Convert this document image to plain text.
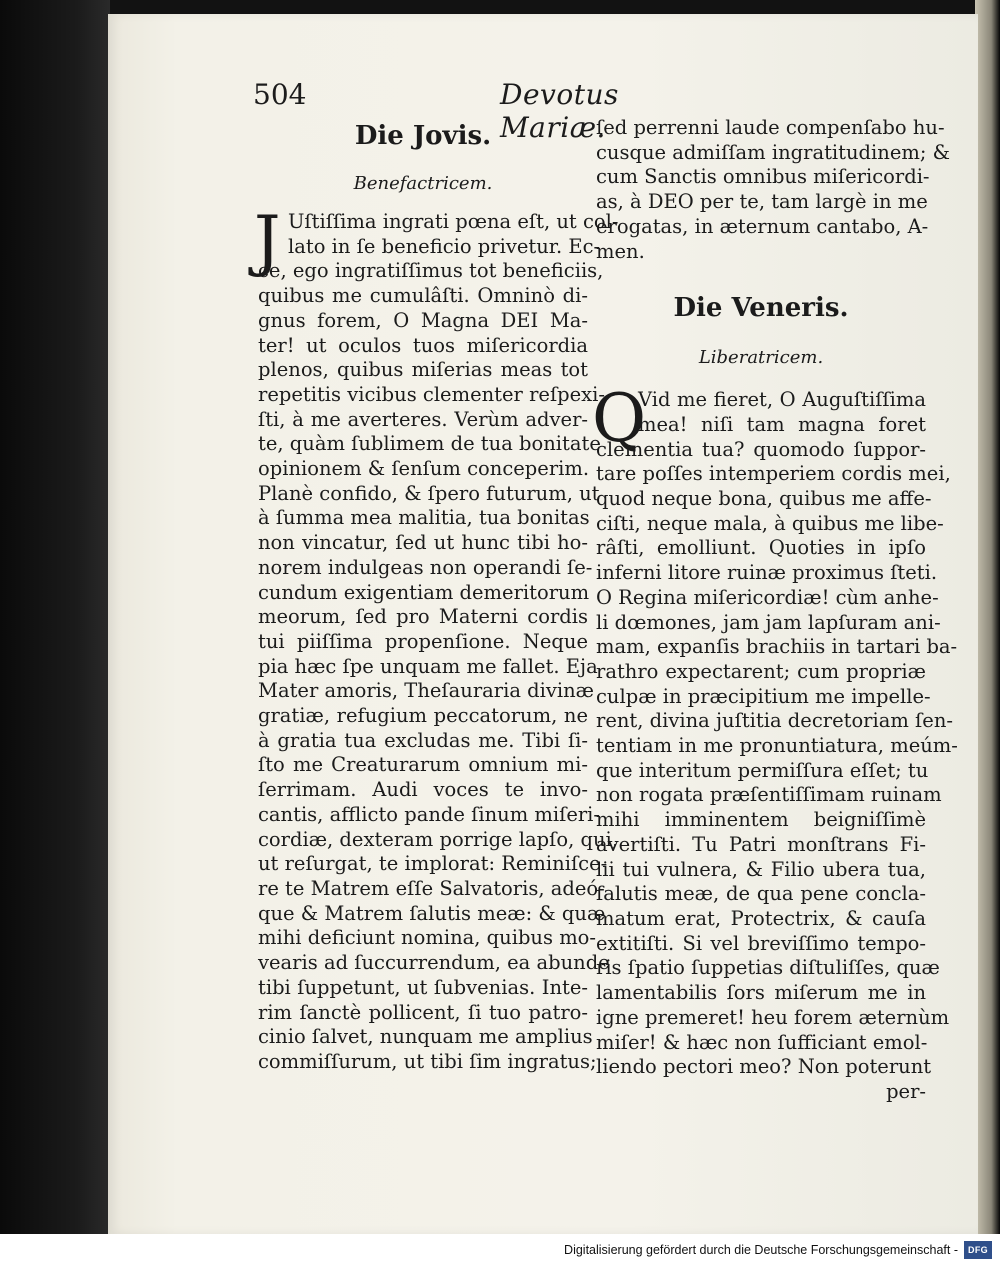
504	Devotus Mariæ.
Die Jovis.

Benefactricem.

J Uſtiſſima ingrati pœna eſt, ut col-
lato in ſe beneficio privetur. Ec-
ce, ego ingratiſſimus tot beneficiis,
quibus me cumulâſti. Omninò di-
gnus forem, O Magna DEI Ma-
ter! ut oculos tuos miſericordia
plenos, quibus miſerias meas tot
repetitis vicibus clementer reſpexi-
ſti, à me averteres. Verùm adver-
te, quàm ſublimem de tua bonitate
opinionem & ſenſum conceperim.
Planè confido, & ſpero futurum, ut
à ſumma mea malitia, tua bonitas
non vincatur, ſed ut hunc tibi ho-
norem indulgeas non operandi ſe-
cundum exigentiam demeritorum
meorum, ſed pro Materni cordis
tui piiſſima propenſione. Neque
pia hæc ſpe unquam me fallet. Eja
Mater amoris, Theſauraria divinæ
gratiæ, refugium peccatorum, ne
à gratia tua excludas me. Tibi ſi-
ſto me Creaturarum omnium mi-
ſerrimam. Audi voces te invo-
cantis, afflicto pande ſinum miſeri-
cordiæ, dexteram porrige lapſo, qui,
ut reſurgat, te implorat: Reminiſce-
re te Matrem eſſe Salvatoris, adeó-
que & Matrem ſalutis meæ: & quæ
mihi deficiunt nomina, quibus mo-
vearis ad ſuccurrendum, ea abunde
tibi ſuppetunt, ut ſubvenias. Inte-
rim ſanctè pollicent, ſi tuo patro-
cinio ſalvet, nunquam me amplius
commiſſurum, ut tibi ſim ingratus;
ſed perrenni laude compenſabo hu-
cusque admiſſam ingratitudinem; &
cum Sanctis omnibus miſericordi-
as, à DEO per te, tam largè in me
erogatas, in æternum cantabo, A-
men.
Die Veneris.

Liberatricem.

Q
Vid me fieret, O Auguſtiſſima
mea! niſi tam magna foret
clementia tua? quomodo ſuppor-
tare poſſes intemperiem cordis mei,
quod neque bona, quibus me affe-
ciſti, neque mala, à quibus me libe-
râſti, emolliunt. Quoties in ipſo
inferni litore ruinæ proximus ſteti.
O Regina miſericordiæ! cùm anhe-
li dœmones, jam jam lapſuram ani-
mam, expanſis brachiis in tartari ba-
rathro expectarent; cum propriæ
culpæ in præcipitium me impelle-
rent, divina juſtitia decretoriam ſen-
tentiam in me pronuntiatura, meúm-
que interitum permiſſura eſſet; tu
non rogata præſentiſſimam ruinam
mihi imminentem beigniſſimè
avertiſti. Tu Patri monſtrans Fi-
lii tui vulnera, & Filio ubera tua,
ſalutis meæ, de qua pene concla-
matum erat, Protectrix, & cauſa
extitiſti. Si vel breviſſimo tempo-
ris ſpatio ſuppetias diſtuliſſes, quæ
lamentabilis ſors miſerum me in
igne premeret! heu forem æternùm
miſer! & hæc non ſufficiant emol-
liendo pectori meo? Non poterunt
per-
Digitalisierung gefördert durch die Deutsche Forschungsgemeinschaft -	DFG
